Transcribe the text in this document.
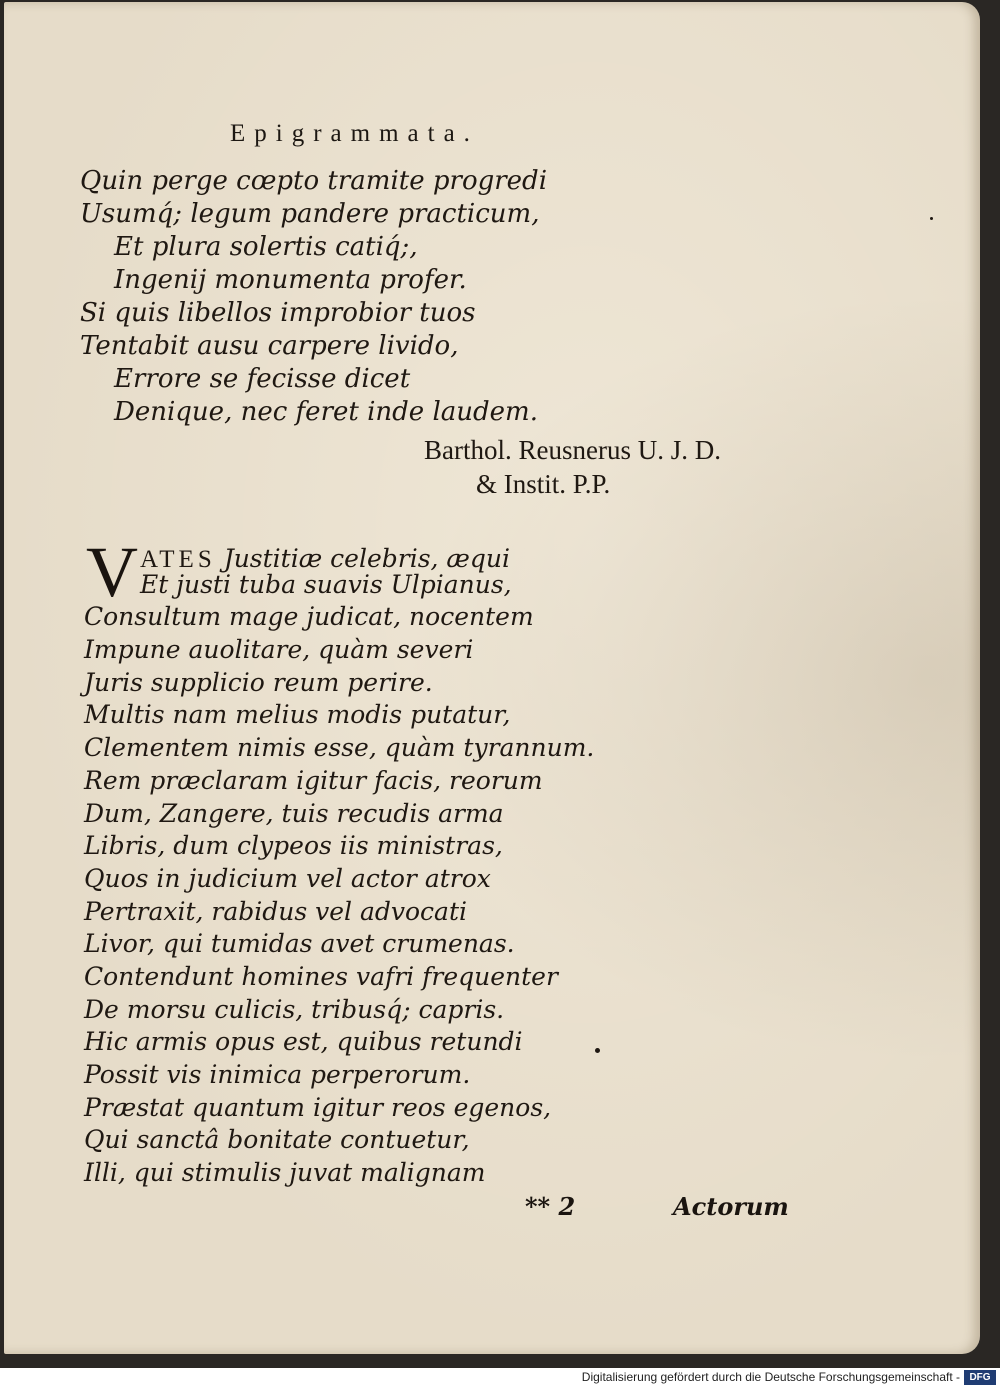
Epigrammata.
Quin perge cœpto tramite progredi
Usumq́; legum pandere practicum,
Et plura solertis catiq́;,
Ingenij monumenta profer.
Si quis libellos improbior tuos
Tentabit ausu carpere livido,
Errore se fecisse dicet
Denique, nec feret inde laudem.
Barthol. Reusnerus U. J. D.
& Instit. P.P.
V ATES Justitiæ celebris, æqui
Et justi tuba suavis Ulpianus,
Consultum mage judicat, nocentem
Impune auolitare, quàm severi
Juris supplicio reum perire.
Multis nam melius modis putatur,
Clementem nimis esse, quàm tyrannum.
Rem præclaram igitur facis, reorum
Dum, Zangere, tuis recudis arma
Libris, dum clypeos iis ministras,
Quos in judicium vel actor atrox
Pertraxit, rabidus vel advocati
Livor, qui tumidas avet crumenas.
Contendunt homines vafri frequenter
De morsu culicis, tribusq́; capris.
Hic armis opus est, quibus retundi
Possit vis inimica perperorum.
Præstat quantum igitur reos egenos,
Qui sanctâ bonitate contuetur,
Illi, qui stimulis juvat malignam
** 2	Actorum
Digitalisierung gefördert durch die Deutsche Forschungsgemeinschaft - DFG
